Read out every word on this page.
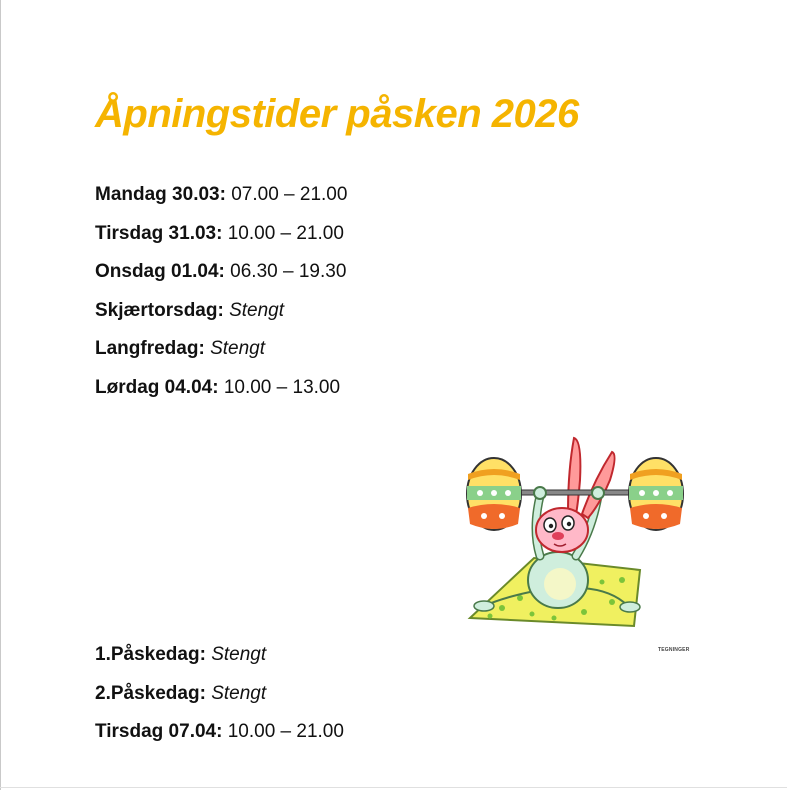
Åpningstider påsken 2026
Mandag 30.03: 07.00 – 21.00
Tirsdag 31.03: 10.00 – 21.00
Onsdag 01.04: 06.30 – 19.30
Skjærtorsdag: Stengt
Langfredag: Stengt
Lørdag 04.04: 10.00 – 13.00
TEGNINGER
1.Påskedag: Stengt
2.Påskedag: Stengt
Tirsdag 07.04: 10.00 – 21.00
